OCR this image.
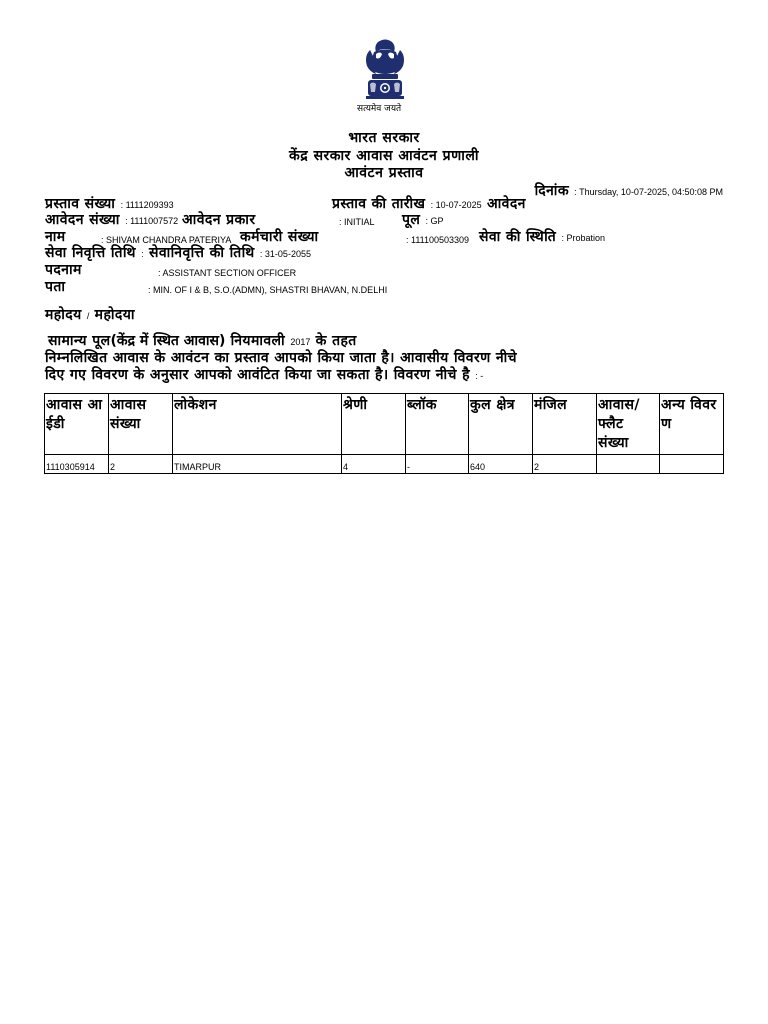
सत्यमेव जयते
भारत सरकार
केंद्र सरकार आवास आवंटन प्रणाली
आवंटन प्रस्ताव
दिनांक : Thursday, 10-07-2025, 04:50:08 PM
प्रस्ताव संख्या : 1111209393	प्रस्ताव की तारीख : 10-07-2025 आवेदन
आवेदन संख्या : 1111007572 आवेदन प्रकार	: INITIAL पूल : GP
नाम	: SHIVAM CHANDRA PATERIYA कर्मचारी संख्या	: 111100503309 सेवा की स्थिति : Probation
सेवा निवृत्ति तिथि : सेवानिवृत्ति की तिथि : 31-05-2055
पदनाम	: ASSISTANT SECTION OFFICER
पता	: MIN. OF I & B, S.O.(ADMN), SHASTRI BHAVAN, N.DELHI
महोदय / महोदया
सामान्य पूल(केंद्र में स्थित आवास) नियमावली 2017 के तहत
निम्नलिखित आवास के आवंटन का प्रस्ताव आपको किया जाता है। आवासीय विवरण नीचे
दिए गए विवरण के अनुसार आपको आवंटित किया जा सकता है। विवरण नीचे है : -
आवास आईडी	आवास संख्या	लोकेशन	श्रेणी	ब्लॉक	कुल क्षेत्र	मंजिल	आवास/ फ्लैट संख्या	अन्य विवरण
1110305914	2	TIMARPUR	4	-	640	2		
